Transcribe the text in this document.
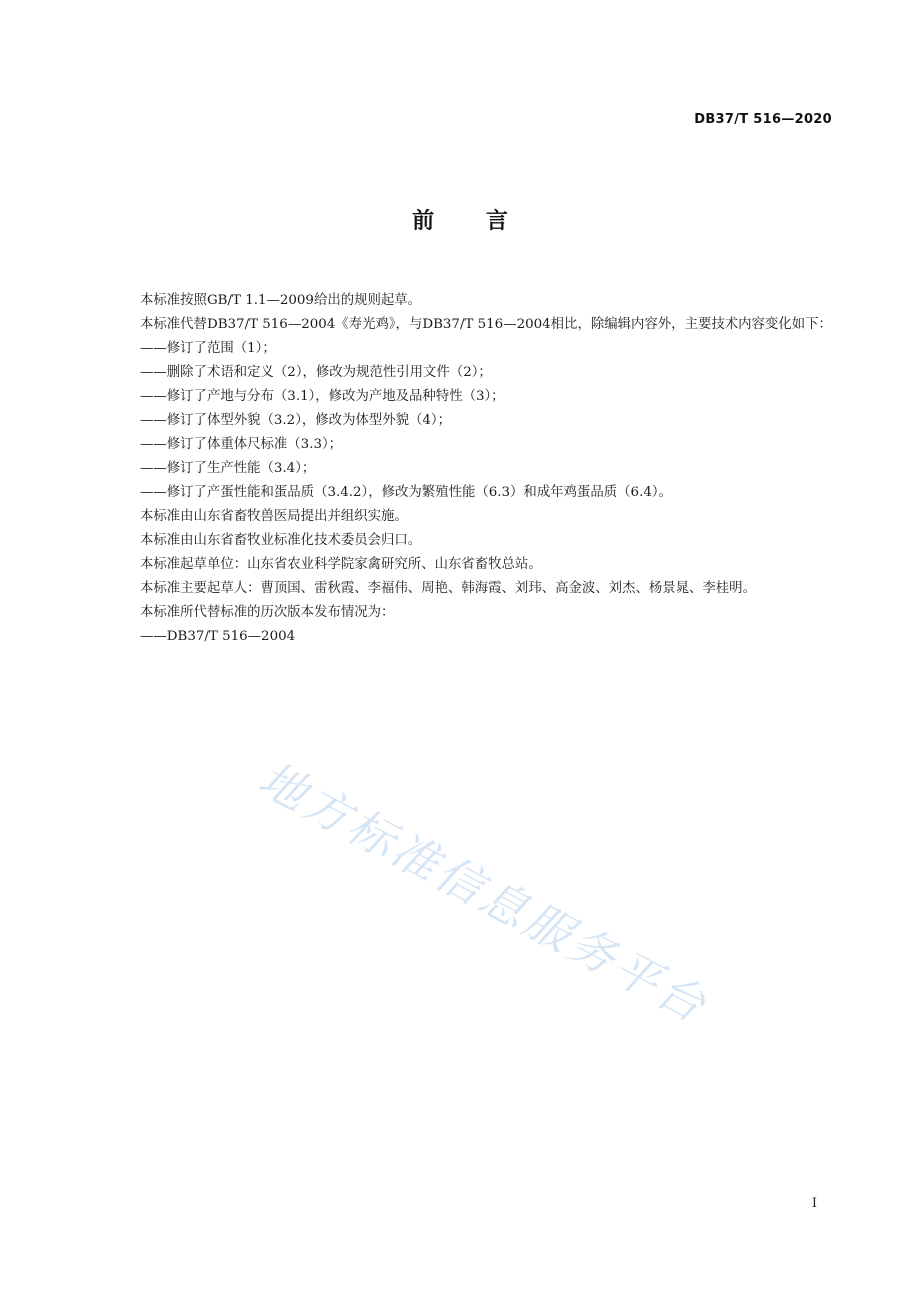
DB37/T 516—2020
前 言

本标准按照GB/T 1.1—2009给出的规则起草。

本标准代替DB37/T 516—2004《寿光鸡》，与DB37/T 516—2004相比，除编辑内容外，主要技术内容变化如下：

——修订了范围（1）；

——删除了术语和定义（2），修改为规范性引用文件（2）；

——修订了产地与分布（3.1），修改为产地及品种特性（3）；

——修订了体型外貌（3.2），修改为体型外貌（4）；

——修订了体重体尺标准（3.3）；

——修订了生产性能（3.4）；

——修订了产蛋性能和蛋品质（3.4.2），修改为繁殖性能（6.3）和成年鸡蛋品质（6.4）。

本标准由山东省畜牧兽医局提出并组织实施。

本标准由山东省畜牧业标准化技术委员会归口。

本标准起草单位：山东省农业科学院家禽研究所、山东省畜牧总站。

本标准主要起草人：曹顶国、雷秋霞、李福伟、周艳、韩海霞、刘玮、高金波、刘杰、杨景晁、李桂明。

本标准所代替标准的历次版本发布情况为：

——DB37/T 516—2004

地方标准信息服务平台
I
